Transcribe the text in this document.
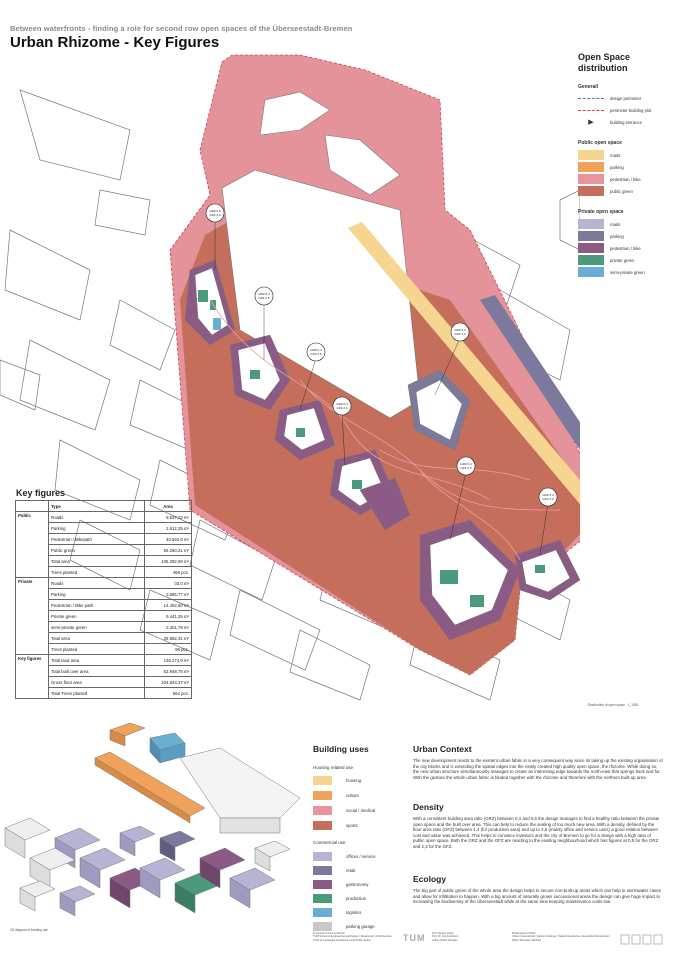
Between waterfronts - finding a role for second row open spaces of the Überseestadt-Bremen
Urban Rhizome - Key Figures
GRZ 0,5
GFZ 2,4
GRZ 0,4
GFZ 2,5
GRZ 0,4
GFZ 2,5
GRZ 0,4
GFZ 1,4
GRZ 0,4
GFZ 2,4
GRZ 0,4
GFZ 2,5
GRZ 0,4
GFZ 2,3
Distribution of open space - 1_1000
Open Space
distribution
Generall
design perimeter
perimeter building plot
▶	building entrance
Public open space
roads
parking
pedestrian / bike
public green
Private open space
roads
parking
pedestrian / bike
private green
semi-private green
Key figures
	Type	Area
Public	Roads	8.637,33 m²
	Parking	1.612,25 m²
	Pedestrian / Bikepath	40.592,8 m²
	Public green	55.250,21 m²
	Total area	105.292,59 m²
	Trees planted	468 pcs.
Private	Roads	03,0 m²
	Parking	3.686,77 m²
	Pedestrian / Bike path	14.452,50 m²
	Private green	9.441,26 m²
	semi-private green	2.401,79 m²
	Total area	29.982,31 m²
	Trees planted	96 pcs.
Key figures	Total land area	136.274,9 m²
	Total built over area	53.948,75 m²
	Gross floor area	104.843,37 m²
	Total Trees planted	564 pcs.
3D diagram of building use
Building uses
Housing related use
housing
culture
social / medical
sports
Commercial use
offices / service
retail
gastronomy
production
logistics
parking garage
Urban Context
The new development reacts to the existent urban fabric in a very consequent way since its taking up the existing organisation of the city blocks and is extending the spatial edges into the newly created high quality open space, the rhizome. While doing so, the new urban structure simultaneously manages to create an interesting edge towards the north-east that springs back and for. With the gesture the whole urban fabric is binded together with the rhizome and therefore with the northern built-up area.
Density
With a consistent building area ratio (GRZ) between 0,4 and 0,5 the design manages to find a healthy ratio between the private open space and the built over area. This can help to reduce the sealing of too much new area. With a density, defined by the floor area ratio (GFZ) between 1,4 (for production area) and up to 2,5 (mainly office and service uses) a good relation between cost and value was achieved. This helps to convince investors and the city of Bremen to go for a design with a high ratio of public open space. Both the GRZ and the GFZ are reacting to the existing neighbourhood which has figures at 0,5 for the GRZ and 2,3 for the GFZ.
Ecology
The big part of public green of the whole area the design helps to secure non-built-up areas which can help in stormwater cases and allow for infiltration to happen. With a big amount of naturally grown successional areas the design can give huge impact to increasing the biodiversity of the Überseestadt while at the same time keeping maintenance costs low.
Technical University Munich
TUM School of Engineering and Design / Department of Architecture
Chair of Landscape Architecture and Public Space	TUM	Prof. Regine Keller
Prof. Dr. Uta Koschenz
Jeffrey Robin Shingler
Masterproject WS21
Johann Amersdorfer, Sabine Krattinger, Paula Rosenheimer, Alexandra Wertschuster
Writer Semester 2021/22
